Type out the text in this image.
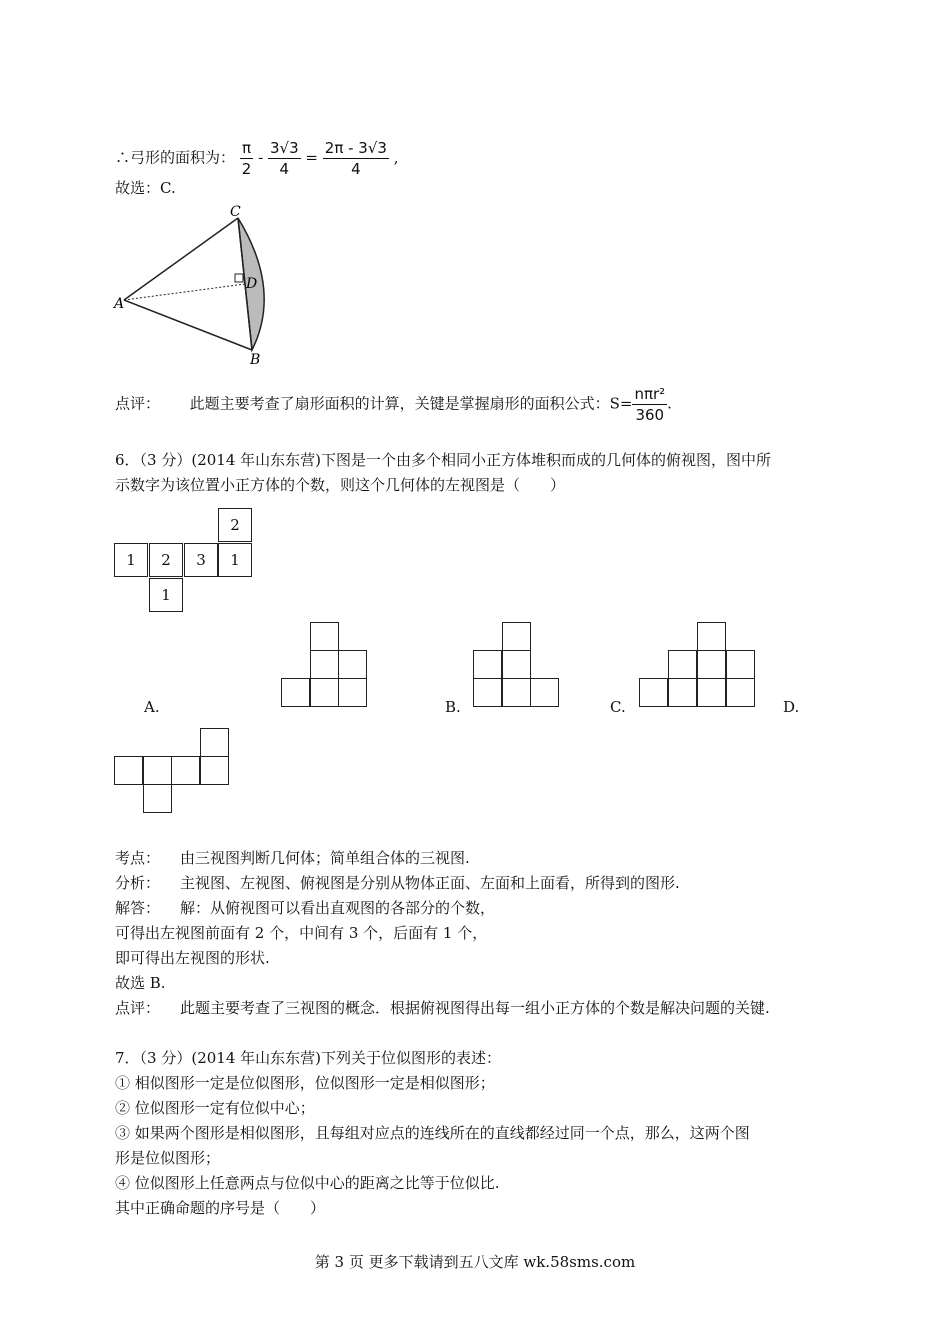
∴弓形的面积为： $\frac{\pi}{2} - \frac{3√3}{4} = \frac{2\pi - 3√3}{4}$ ,
故选：C.
A
B
C
D
点评： 此题主要考查了扇形面积的计算，关键是掌握扇形的面积公式：$S= \frac{\text{nπr²}}{360}$ .
6．（3 分）(2014 年山东东营)下图是一个由多个相同小正方体堆积而成的几何体的俯视图，图中所
示数字为该位置小正方体的个数，则这个几何体的左视图是（　　）
2
1	2	3	1
1
A.	B.	C.	D.
考点： 由三视图判断几何体；简单组合体的三视图.
分析： 主视图、左视图、俯视图是分别从物体正面、左面和上面看，所得到的图形.
解答： 解：从俯视图可以看出直观图的各部分的个数，
可得出左视图前面有 2 个，中间有 3 个，后面有 1 个，
即可得出左视图的形状.
故选 B.
点评： 此题主要考查了三视图的概念．根据俯视图得出每一组小正方体的个数是解决问题的关键.
7．（3 分）(2014 年山东东营)下列关于位似图形的表述：
① 相似图形一定是位似图形，位似图形一定是相似图形；
② 位似图形一定有位似中心；
③ 如果两个图形是相似图形，且每组对应点的连线所在的直线都经过同一个点，那么，这两个图
形是位似图形；
④ 位似图形上任意两点与位似中心的距离之比等于位似比.
其中正确命题的序号是（　　）
第 3 页 更多下载请到五八文库 wk.58sms.com
